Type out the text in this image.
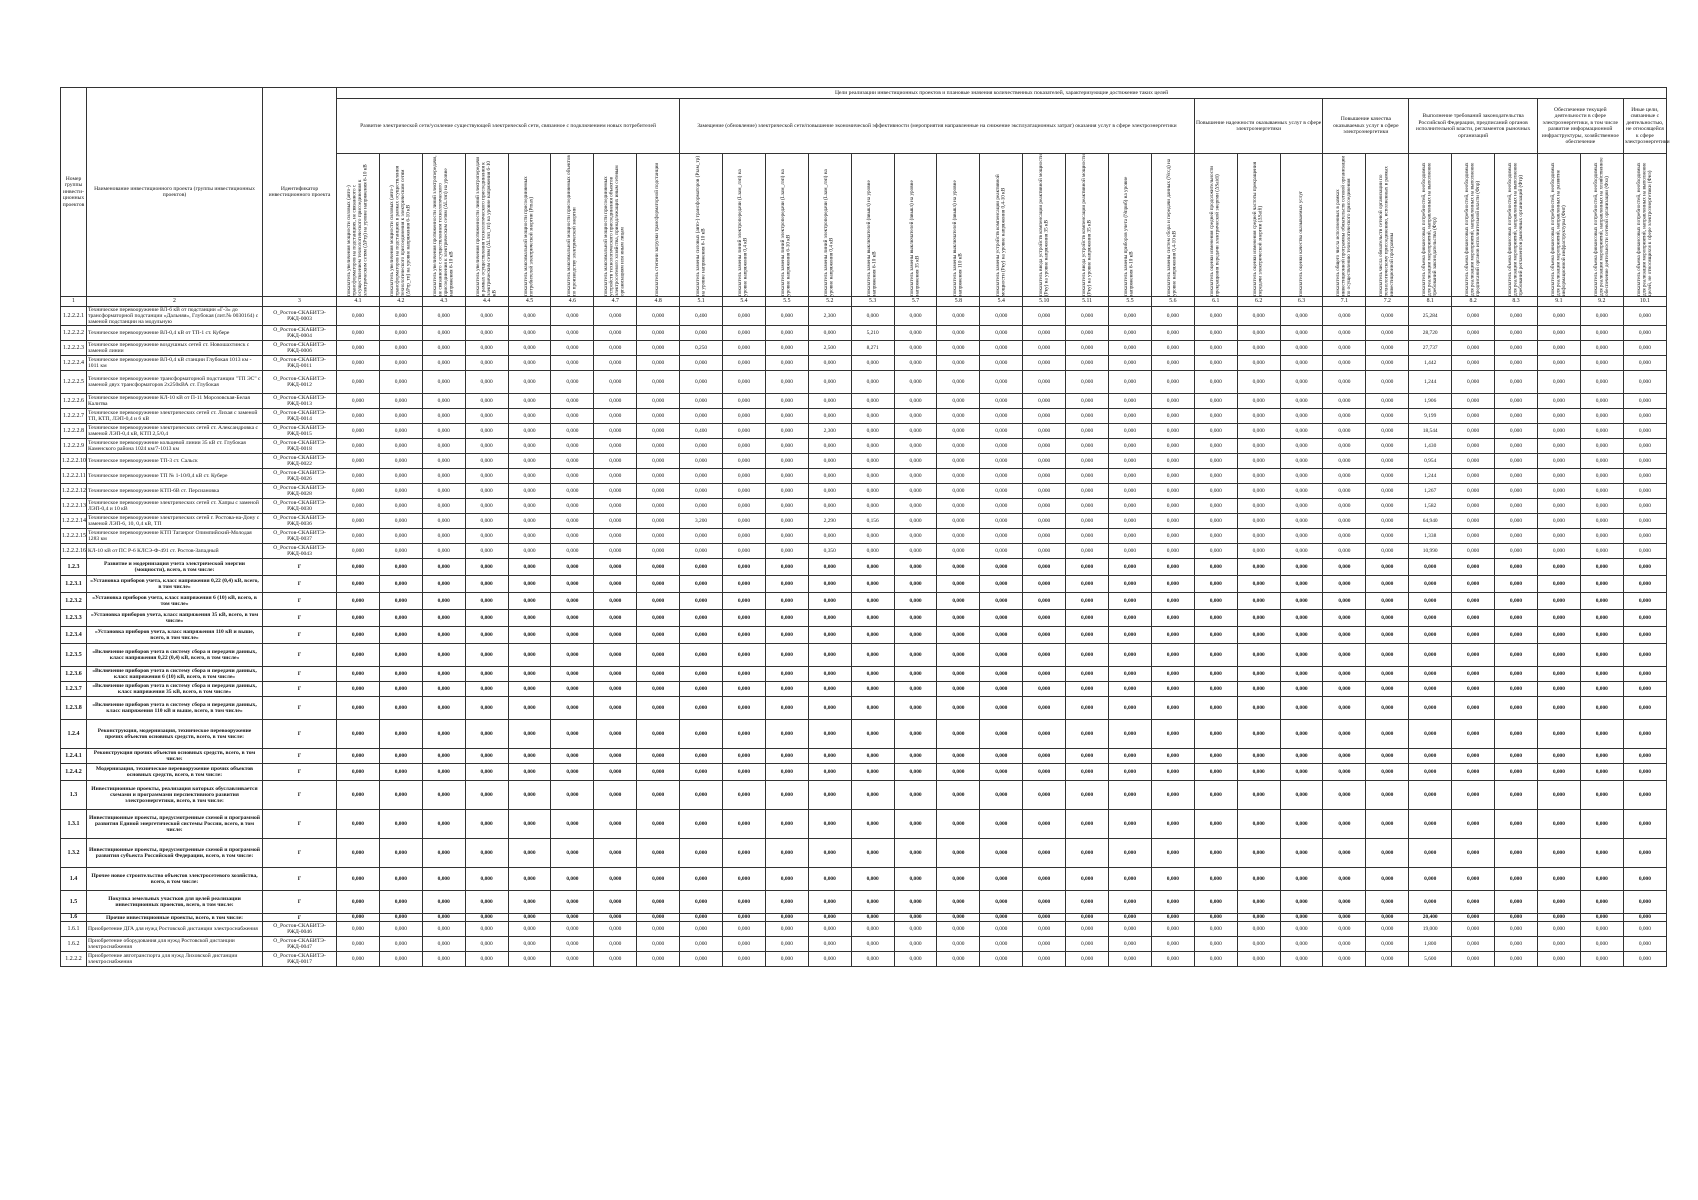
Номер группы инвести-ционных проектов	Наименование инвестиционного проекта (группы инвестиционных проектов)	Идентификатор инвестиционного проекта	Цели реализации инвестиционных проектов и плановые значения количественных показателей, характеризующие достижение таких целей																														
			Развитие электрической сети/усиление существующей электрической сети, связанное с подключением новых потребителей								Замещение (обновление) электрической сети/повышение экономической эффективности (мероприятия направленные на снижение эксплуатационных затрат) оказания услуг в сфере электроэнергетики												Повышение надежности оказываемых услуг в сфере электроэнергетики			Повышение качества оказываемых услуг в сфере электроэнергетики		Выполнение требований законодательства Российской Федерации, предписаний органов исполнительной власти, регламентов рыночных организаций			Обеспечение текущей деятельности в сфере электроэнергетики, в том числе развитие информационной инфраструктуры, хозяйственное обеспечение		Иные цели, связанные с деятельностью, не относящейся к сфере электроэнергетики

			показатель увеличения мощности силовых (авто-) трансформаторов на подстанциях, не связанного с осуществлением технологического присоединения к электрическим сетям (ΔPтр) на уровне напряжения 6-10 кВ	показатель увеличения мощности силовых (авто-) трансформаторов на подстанциях в рамках осуществления технологического присоединения к электрическим сетям (ΔPтр_тп) на уровне напряжения 6-10 кВ	показатель увеличения протяженности линий электропередачи, не связанного с осуществлением технологического присоединения к электрическим сетям (ΔLлэп) на уровне напряжения 6-10 кВ	показатель увеличения протяженности линий электропередачи в рамках осуществления технологического присоединения к электрическим сетям (ΔLлэп_тп) на уровне напряжения 6-10 кВ	показатель максимальной мощности присоединяемых потребителей электрической энергии (Pmax)	показатель максимальной мощности присоединяемых объектов по производству электрической энергии	показатель максимальной мощности присоединяемых устройств технологического присоединения объектов электросетевого хозяйства, принадлежащих иным сетевым организациям или иным лицам	показатель степени загрузки трансформаторной подстанции	показатель замены силовых (авто-) трансформаторов (Pзам_тр) на уровне напряжения 6-10 кВ	показатель замены линий электропередачи (Lзам_лэп) на уровне напряжения 0,4 кВ	показатель замены линий электропередачи (Lзам_лэп) на уровне напряжения 6-10 кВ	показатель замены линий электропередачи (Lзам_лэп) на уровне напряжения 0,4 кВ	показатель замены выключателей (nвыкл) на уровне напряжения 6-10 кВ	показатель замены выключателей (nвыкл) на уровне напряжения 35 кВ	показатель замены выключателей (nвыкл) на уровне напряжения 110 кВ	показатель замены устройств компенсации реактивной мощности (Pку) на уровне напряжения 0,4-10 кВ	показатель ввода устройств компенсации реактивной мощности (Pку) на уровне напряжения 35 кВ	показатель ввода устройств компенсации реактивной мощности (Pку) на уровне напряжения 35 кВ	показатель замены приборов учета (Nприб) на уровне напряжения 6-10 кВ	показатель замены систем сбора и передачи данных (Nссд) на уровне напряжения 0,4-10 кВ	показатель оценки изменения средней продолжительности прекращения передачи электрической энергии (ΔSaidi)	показатель оценки изменения средней частоты прекращения передачи электрической энергии (ΔSaifi)	показатель оценки качества оказываемых услуг	показатель общего числа исполненных в рамках инвестиционной программы обязательств сетевой организации по осуществлению технологического присоединения	показатель числа обязательств сетевой организации по технологическому присоединению, исполненных в рамках инвестиционной программы	показатель объема финансовых потребностей, необходимых для реализации мероприятий, направленных на выполнение требований законодательства (Фтр)	показатель объема финансовых потребностей, необходимых для реализации мероприятий, направленных на выполнение предписаний органов исполнительной власти (Фпр)	показатель объема финансовых потребностей, необходимых для реализации мероприятий, направленных на выполнение требований регламентов рыночных организаций (Фтр)	показатель объема финансовых потребностей, необходимых для реализации мероприятий, направленных на развитие информационной инфраструктуры (Фит)	показатель объема финансовых потребностей, необходимых для реализации мероприятий, направленных на хозяйственное обеспечение деятельности сетевой организации (Фхо)	показатель объема финансовых потребностей, необходимых для реализации мероприятий, направленных на выполнение целей, не относящихся к сфере электроэнергетики (Фнэ)

1	2	3	4.1	4.2	4.3	4.4	4.5	4.6	4.7	4.8	5.1	5.4	5.5	5.2	5.3	5.7	5.8	5.4	5.10	5.11	5.5	5.6	6.1	6.2	6.3	7.1	7.2	8.1	8.2	8.3	9.1	9.2	10.1
1.2.2.2.1	Техническое перевооружение ВЛ-6 кВ от подстанции «Г-3» до трансформаторной подстанции «Дальняя», Глубокая (лит.№ 0030164) с заменой подстанции на модульную	O_Ростов-СКАБИТЭ-РЖД-0003	0,000	0,000	0,000	0,000	0,000	0,000	0,000	0,000	0,400	0,000	0,000	2,300	0,000	0,000	0,000	0,000	0,000	0,000	0,000	0,000	0,000	0,000	0,000	0,000	0,000	25,284	0,000	0,000	0,000	0,000	0,000
1.2.2.2.2	Техническое перевооружение ВЛ-0,4 кВ от ТП-1 ст. Кубере	O_Ростов-СКАБИТЭ-РЖД-0004	0,000	0,000	0,000	0,000	0,000	0,000	0,000	0,000	0,000	0,000	0,000	0,000	5,210	0,000	0,000	0,000	0,000	0,000	0,000	0,000	0,000	0,000	0,000	0,000	0,000	28,720	0,000	0,000	0,000	0,000	0,000
1.2.2.2.3	Техническое перевооружение воздушных сетей ст. Новошахтинск с заменой линии	O_Ростов-СКАБИТЭ-РЖД-0006	0,000	0,000	0,000	0,000	0,000	0,000	0,000	0,000	0,250	0,000	0,000	2,500	8,271	0,000	0,000	0,000	0,000	0,000	0,000	0,000	0,000	0,000	0,000	0,000	0,000	27,737	0,000	0,000	0,000	0,000	0,000
1.2.2.2.4	Техническое перевооружение ВЛ-0,4 кВ станции Глубокая 1013 км - 1011 км	O_Ростов-СКАБИТЭ-РЖД-0011	0,000	0,000	0,000	0,000	0,000	0,000	0,000	0,000	0,000	0,000	0,000	0,000	0,000	0,000	0,000	0,000	0,000	0,000	0,000	0,000	0,000	0,000	0,000	0,000	0,000	1,442	0,000	0,000	0,000	0,000	0,000
1.2.2.2.5	Техническое перевооружение трансформаторной подстанции "ТП ЭС" с заменой двух трансформаторов 2х250кВА ст. Глубокая	O_Ростов-СКАБИТЭ-РЖД-0012	0,000	0,000	0,000	0,000	0,000	0,000	0,000	0,000	0,000	0,000	0,000	0,000	0,000	0,000	0,000	0,000	0,000	0,000	0,000	0,000	0,000	0,000	0,000	0,000	0,000	1,244	0,000	0,000	0,000	0,000	0,000
1.2.2.2.6	Техническое перевооружение КЛ-10 кВ от П-11 Морозовская-Белая Калитва	O_Ростов-СКАБИТЭ-РЖД-0013	0,000	0,000	0,000	0,000	0,000	0,000	0,000	0,000	0,000	0,000	0,000	0,000	0,000	0,000	0,000	0,000	0,000	0,000	0,000	0,000	0,000	0,000	0,000	0,000	0,000	1,906	0,000	0,000	0,000	0,000	0,000
1.2.2.2.7	Техническое перевооружение электрических сетей ст. Лихая с заменой ТП, КТП, ЛЭП-0,4 и 6 кВ	O_Ростов-СКАБИТЭ-РЖД-0014	0,000	0,000	0,000	0,000	0,000	0,000	0,000	0,000	0,000	0,000	0,000	0,000	0,000	0,000	0,000	0,000	0,000	0,000	0,000	0,000	0,000	0,000	0,000	0,000	0,000	9,199	0,000	0,000	0,000	0,000	0,000
1.2.2.2.8	Техническое перевооружение электрических сетей ст. Александровка с заменой ЛЭП-0,4 кВ, КТП 2,5/0,4	O_Ростов-СКАБИТЭ-РЖД-0015	0,000	0,000	0,000	0,000	0,000	0,000	0,000	0,000	0,400	0,000	0,000	2,300	0,000	0,000	0,000	0,000	0,000	0,000	0,000	0,000	0,000	0,000	0,000	0,000	0,000	18,544	0,000	0,000	0,000	0,000	0,000
1.2.2.2.9	Техническое перевооружение кольцевой линии 35 кВ ст. Глубокая Каменского района 1024 км/7-1013 км	O_Ростов-СКАБИТЭ-РЖД-0018	0,000	0,000	0,000	0,000	0,000	0,000	0,000	0,000	0,000	0,000	0,000	0,000	0,000	0,000	0,000	0,000	0,000	0,000	0,000	0,000	0,000	0,000	0,000	0,000	0,000	1,430	0,000	0,000	0,000	0,000	0,000
1.2.2.2.10	Техническое перевооружение ТП-3 ст. Сальск	O_Ростов-СКАБИТЭ-РЖД-0022	0,000	0,000	0,000	0,000	0,000	0,000	0,000	0,000	0,000	0,000	0,000	0,000	0,000	0,000	0,000	0,000	0,000	0,000	0,000	0,000	0,000	0,000	0,000	0,000	0,000	0,954	0,000	0,000	0,000	0,000	0,000
1.2.2.2.11	Техническое перевооружение ТП № 1-10/0,4 кВ ст. Кубере	O_Ростов-СКАБИТЭ-РЖД-0026	0,000	0,000	0,000	0,000	0,000	0,000	0,000	0,000	0,000	0,000	0,000	0,000	0,000	0,000	0,000	0,000	0,000	0,000	0,000	0,000	0,000	0,000	0,000	0,000	0,000	1,244	0,000	0,000	0,000	0,000	0,000
1.2.2.2.12	Техническое перевооружение КТП-6В ст. Персиановка	O_Ростов-СКАБИТЭ-РЖД-0028	0,000	0,000	0,000	0,000	0,000	0,000	0,000	0,000	0,000	0,000	0,000	0,000	0,000	0,000	0,000	0,000	0,000	0,000	0,000	0,000	0,000	0,000	0,000	0,000	0,000	1,267	0,000	0,000	0,000	0,000	0,000
1.2.2.2.13	Техническое перевооружение электрических сетей ст. Хапры с заменой ЛЭП-0,4 и 10 кВ	O_Ростов-СКАБИТЭ-РЖД-0030	0,000	0,000	0,000	0,000	0,000	0,000	0,000	0,000	0,000	0,000	0,000	0,000	0,000	0,000	0,000	0,000	0,000	0,000	0,000	0,000	0,000	0,000	0,000	0,000	0,000	1,582	0,000	0,000	0,000	0,000	0,000
1.2.2.2.14	Техническое перевооружение электрических сетей г. Ростова-на-Дону с заменой ЛЭП-6, 10, 0,4 кВ, ТП	O_Ростов-СКАБИТЭ-РЖД-0036	0,000	0,000	0,000	0,000	0,000	0,000	0,000	0,000	3,200	0,000	0,000	2,290	0,156	0,000	0,000	0,000	0,000	0,000	0,000	0,000	0,000	0,000	0,000	0,000	0,000	64,940	0,000	0,000	0,000	0,000	0,000
1.2.2.2.15	Техническое перевооружение КТП Таганрог Олимпийский-Молодая 1283 км	O_Ростов-СКАБИТЭ-РЖД-0037	0,000	0,000	0,000	0,000	0,000	0,000	0,000	0,000	0,000	0,000	0,000	0,000	0,000	0,000	0,000	0,000	0,000	0,000	0,000	0,000	0,000	0,000	0,000	0,000	0,000	1,338	0,000	0,000	0,000	0,000	0,000
1.2.2.2.16	КЛ-10 кВ от ПС Р-6 КЛСЭ-Ф-491 ст. Ростов-Западный	O_Ростов-СКАБИТЭ-РЖД-0043	0,000	0,000	0,000	0,000	0,000	0,000	0,000	0,000	0,000	0,000	0,000	0,350	0,000	0,000	0,000	0,000	0,000	0,000	0,000	0,000	0,000	0,000	0,000	0,000	0,000	10,990	0,000	0,000	0,000	0,000	0,000
1.2.3	Развитие и модернизация учета электрической энергии (мощности), всего, в том числе:	Г	0,000	0,000	0,000	0,000	0,000	0,000	0,000	0,000	0,000	0,000	0,000	0,000	0,000	0,000	0,000	0,000	0,000	0,000	0,000	0,000	0,000	0,000	0,000	0,000	0,000	0,000	0,000	0,000	0,000	0,000	0,000
1.2.3.1	«Установка приборов учета, класс напряжения 0,22 (0,4) кВ, всего, в том числе»	Г	0,000	0,000	0,000	0,000	0,000	0,000	0,000	0,000	0,000	0,000	0,000	0,000	0,000	0,000	0,000	0,000	0,000	0,000	0,000	0,000	0,000	0,000	0,000	0,000	0,000	0,000	0,000	0,000	0,000	0,000	0,000
1.2.3.2	«Установка приборов учета, класс напряжения 6 (10) кВ, всего, в том числе»	Г	0,000	0,000	0,000	0,000	0,000	0,000	0,000	0,000	0,000	0,000	0,000	0,000	0,000	0,000	0,000	0,000	0,000	0,000	0,000	0,000	0,000	0,000	0,000	0,000	0,000	0,000	0,000	0,000	0,000	0,000	0,000
1.2.3.3	«Установка приборов учета, класс напряжения 35 кВ, всего, в том числе»	Г	0,000	0,000	0,000	0,000	0,000	0,000	0,000	0,000	0,000	0,000	0,000	0,000	0,000	0,000	0,000	0,000	0,000	0,000	0,000	0,000	0,000	0,000	0,000	0,000	0,000	0,000	0,000	0,000	0,000	0,000	0,000
1.2.3.4	«Установка приборов учета, класс напряжения 110 кВ и выше, всего, в том числе»	Г	0,000	0,000	0,000	0,000	0,000	0,000	0,000	0,000	0,000	0,000	0,000	0,000	0,000	0,000	0,000	0,000	0,000	0,000	0,000	0,000	0,000	0,000	0,000	0,000	0,000	0,000	0,000	0,000	0,000	0,000	0,000
1.2.3.5	«Включение приборов учета в систему сбора и передачи данных, класс напряжения 0,22 (0,4) кВ, всего, в том числе»	Г	0,000	0,000	0,000	0,000	0,000	0,000	0,000	0,000	0,000	0,000	0,000	0,000	0,000	0,000	0,000	0,000	0,000	0,000	0,000	0,000	0,000	0,000	0,000	0,000	0,000	0,000	0,000	0,000	0,000	0,000	0,000
1.2.3.6	«Включение приборов учета в систему сбора и передачи данных, класс напряжения 6 (10) кВ, всего, в том числе»	Г	0,000	0,000	0,000	0,000	0,000	0,000	0,000	0,000	0,000	0,000	0,000	0,000	0,000	0,000	0,000	0,000	0,000	0,000	0,000	0,000	0,000	0,000	0,000	0,000	0,000	0,000	0,000	0,000	0,000	0,000	0,000
1.2.3.7	«Включение приборов учета в систему сбора и передачи данных, класс напряжения 35 кВ, всего, в том числе»	Г	0,000	0,000	0,000	0,000	0,000	0,000	0,000	0,000	0,000	0,000	0,000	0,000	0,000	0,000	0,000	0,000	0,000	0,000	0,000	0,000	0,000	0,000	0,000	0,000	0,000	0,000	0,000	0,000	0,000	0,000	0,000
1.2.3.8	«Включение приборов учета в систему сбора и передачи данных, класс напряжения 110 кВ и выше, всего, в том числе»	Г	0,000	0,000	0,000	0,000	0,000	0,000	0,000	0,000	0,000	0,000	0,000	0,000	0,000	0,000	0,000	0,000	0,000	0,000	0,000	0,000	0,000	0,000	0,000	0,000	0,000	0,000	0,000	0,000	0,000	0,000	0,000
1.2.4	Реконструкция, модернизация, техническое перевооружение прочих объектов основных средств, всего, в том числе:	Г	0,000	0,000	0,000	0,000	0,000	0,000	0,000	0,000	0,000	0,000	0,000	0,000	0,000	0,000	0,000	0,000	0,000	0,000	0,000	0,000	0,000	0,000	0,000	0,000	0,000	0,000	0,000	0,000	0,000	0,000	0,000
1.2.4.1	Реконструкция прочих объектов основных средств, всего, в том числе:	Г	0,000	0,000	0,000	0,000	0,000	0,000	0,000	0,000	0,000	0,000	0,000	0,000	0,000	0,000	0,000	0,000	0,000	0,000	0,000	0,000	0,000	0,000	0,000	0,000	0,000	0,000	0,000	0,000	0,000	0,000	0,000
1.2.4.2	Модернизация, техническое перевооружение прочих объектов основных средств, всего, в том числе:	Г	0,000	0,000	0,000	0,000	0,000	0,000	0,000	0,000	0,000	0,000	0,000	0,000	0,000	0,000	0,000	0,000	0,000	0,000	0,000	0,000	0,000	0,000	0,000	0,000	0,000	0,000	0,000	0,000	0,000	0,000	0,000
1.3	Инвестиционные проекты, реализация которых обуславливается схемами и программами перспективного развития электроэнергетики, всего, в том числе:	Г	0,000	0,000	0,000	0,000	0,000	0,000	0,000	0,000	0,000	0,000	0,000	0,000	0,000	0,000	0,000	0,000	0,000	0,000	0,000	0,000	0,000	0,000	0,000	0,000	0,000	0,000	0,000	0,000	0,000	0,000	0,000
1.3.1	Инвестиционные проекты, предусмотренные схемой и программой развития Единой энергетической системы России, всего, в том числе:	Г	0,000	0,000	0,000	0,000	0,000	0,000	0,000	0,000	0,000	0,000	0,000	0,000	0,000	0,000	0,000	0,000	0,000	0,000	0,000	0,000	0,000	0,000	0,000	0,000	0,000	0,000	0,000	0,000	0,000	0,000	0,000
1.3.2	Инвестиционные проекты, предусмотренные схемой и программой развития субъекта Российской Федерации, всего, в том числе:	Г	0,000	0,000	0,000	0,000	0,000	0,000	0,000	0,000	0,000	0,000	0,000	0,000	0,000	0,000	0,000	0,000	0,000	0,000	0,000	0,000	0,000	0,000	0,000	0,000	0,000	0,000	0,000	0,000	0,000	0,000	0,000
1.4	Прочее новое строительство объектов электросетевого хозяйства, всего, в том числе:	Г	0,000	0,000	0,000	0,000	0,000	0,000	0,000	0,000	0,000	0,000	0,000	0,000	0,000	0,000	0,000	0,000	0,000	0,000	0,000	0,000	0,000	0,000	0,000	0,000	0,000	0,000	0,000	0,000	0,000	0,000	0,000
1.5	Покупка земельных участков для целей реализации инвестиционных проектов, всего, в том числе:	Г	0,000	0,000	0,000	0,000	0,000	0,000	0,000	0,000	0,000	0,000	0,000	0,000	0,000	0,000	0,000	0,000	0,000	0,000	0,000	0,000	0,000	0,000	0,000	0,000	0,000	0,000	0,000	0,000	0,000	0,000	0,000
1.6	Прочие инвестиционные проекты, всего, в том числе:	Г	0,000	0,000	0,000	0,000	0,000	0,000	0,000	0,000	0,000	0,000	0,000	0,000	0,000	0,000	0,000	0,000	0,000	0,000	0,000	0,000	0,000	0,000	0,000	0,000	0,000	20,400	0,000	0,000	0,000	0,000	0,000
1.6.1	Приобретение ДГА для нужд Ростовской дистанции электроснабжения	O_Ростов-СКАБИТЭ-РЖД-0046	0,000	0,000	0,000	0,000	0,000	0,000	0,000	0,000	0,000	0,000	0,000	0,000	0,000	0,000	0,000	0,000	0,000	0,000	0,000	0,000	0,000	0,000	0,000	0,000	0,000	19,000	0,000	0,000	0,000	0,000	0,000
1.6.2	Приобретение оборудования для нужд Ростовской дистанции электроснабжения	O_Ростов-СКАБИТЭ-РЖД-0047	0,000	0,000	0,000	0,000	0,000	0,000	0,000	0,000	0,000	0,000	0,000	0,000	0,000	0,000	0,000	0,000	0,000	0,000	0,000	0,000	0,000	0,000	0,000	0,000	0,000	1,800	0,000	0,000	0,000	0,000	0,000
1.2.2.2	Приобретение автотранспорта для нужд Лиховской дистанции электроснабжения	O_Ростов-СКАБИТЭ-РЖД-0017	0,000	0,000	0,000	0,000	0,000	0,000	0,000	0,000	0,000	0,000	0,000	0,000	0,000	0,000	0,000	0,000	0,000	0,000	0,000	0,000	0,000	0,000	0,000	0,000	0,000	5,600	0,000	0,000	0,000	0,000	0,000
